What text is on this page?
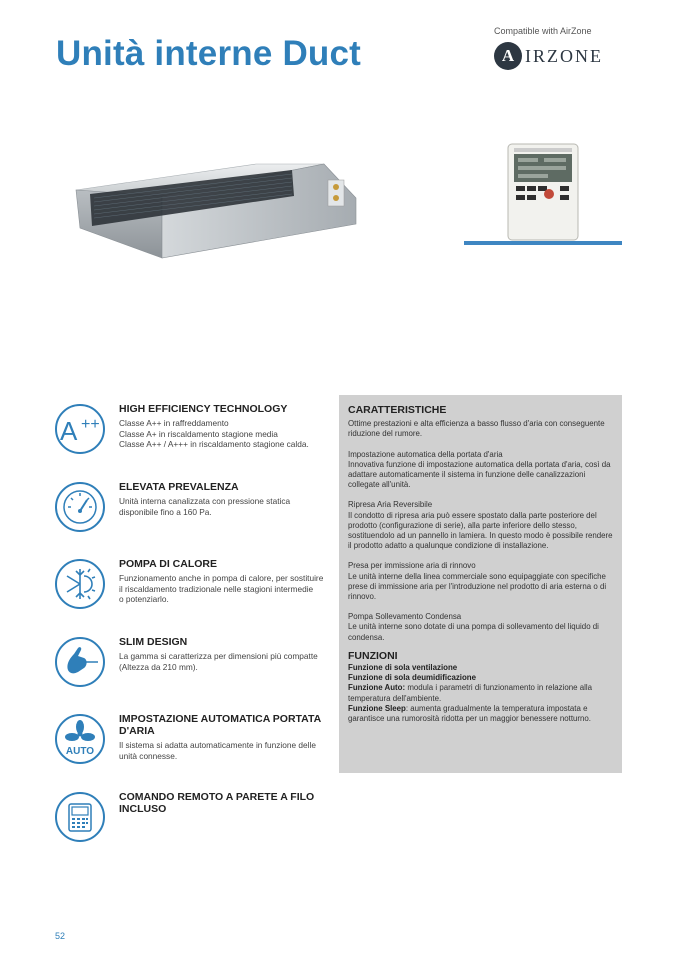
Unità interne Duct
Compatible with AirZone
A IRZONE
A ++

HIGH EFFICIENCY TECHNOLOGY

Classe A++ in raffreddamento
Classe A+ in riscaldamento stagione media
Classe A++ / A+++ in riscaldamento stagione calda.

ELEVATA PREVALENZA

Unità interna canalizzata con pressione statica
disponibile fino a 160 Pa.

POMPA DI CALORE

Funzionamento anche in pompa di calore, per sostituire
il riscaldamento tradizionale nelle stagioni intermedie
o potenziarlo.

SLIM DESIGN

La gamma si caratterizza per dimensioni più compatte
(Altezza da 210 mm).
AUTO

IMPOSTAZIONE AUTOMATICA PORTATA D'ARIA

Il sistema si adatta automaticamente in funzione delle
unità connesse.

COMANDO REMOTO A PARETE A FILO INCLUSO

CARATTERISTICHE

Ottime prestazioni e alta efficienza a basso flusso d'aria con conseguente riduzione del rumore.
Impostazione automatica della portata d'aria
Innovativa funzione di impostazione automatica della portata d'aria, così da adattare automaticamente il sistema in funzione delle canalizzazioni collegate all'unità.
Ripresa Aria Reversibile
Il condotto di ripresa aria può essere spostato dalla parte posteriore del prodotto (configurazione di serie), alla parte inferiore dello stesso, sostituendolo ad un pannello in lamiera. In questo modo è possibile rendere il prodotto adatto a qualunque condizione di installazione.
Presa per immissione aria di rinnovo
Le unità interne della linea commerciale sono equipaggiate con specifiche prese di immissione aria per l'introduzione nel prodotto di aria esterna o di rinnovo.
Pompa Sollevamento Condensa
Le unità interne sono dotate di una pompa di sollevamento del liquido di condensa.

FUNZIONI

Funzione di sola ventilazione
Funzione di sola deumidificazione
Funzione Auto: modula i parametri di funzionamento in relazione alla temperatura dell'ambiente.
Funzione Sleep: aumenta gradualmente la temperatura impostata e garantisce una rumorosità ridotta per un maggior benessere notturno.
52
